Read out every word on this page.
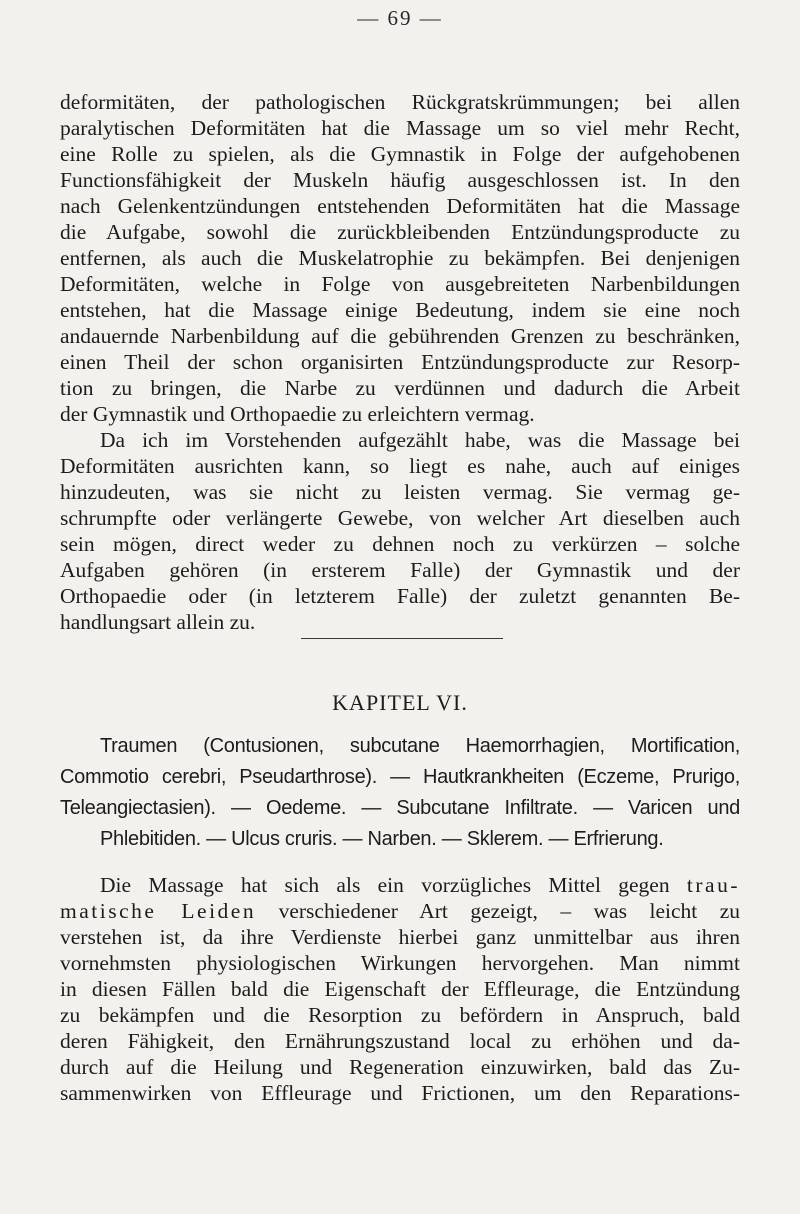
— 69 —

deformitäten, der pathologischen Rückgratskrümmungen; bei allen
paralytischen Deformitäten hat die Massage um so viel mehr Recht,
eine Rolle zu spielen, als die Gymnastik in Folge der aufgehobenen
Functionsfähigkeit der Muskeln häufig ausgeschlossen ist. In den
nach Gelenkentzündungen entstehenden Deformitäten hat die Massage
die Aufgabe, sowohl die zurückbleibenden Entzündungsproducte zu
entfernen, als auch die Muskelatrophie zu bekämpfen. Bei denjenigen
Deformitäten, welche in Folge von ausgebreiteten Narbenbildungen
entstehen, hat die Massage einige Bedeutung, indem sie eine noch
andauernde Narbenbildung auf die gebührenden Grenzen zu beschränken,
einen Theil der schon organisirten Entzündungsproducte zur Resorp-
tion zu bringen, die Narbe zu verdünnen und dadurch die Arbeit
der Gymnastik und Orthopaedie zu erleichtern vermag.

Da ich im Vorstehenden aufgezählt habe, was die Massage bei
Deformitäten ausrichten kann, so liegt es nahe, auch auf einiges
hinzudeuten, was sie nicht zu leisten vermag. Sie vermag ge-
schrumpfte oder verlängerte Gewebe, von welcher Art dieselben auch
sein mögen, direct weder zu dehnen noch zu verkürzen – solche
Aufgaben gehören (in ersterem Falle) der Gymnastik und der
Orthopaedie oder (in letzterem Falle) der zuletzt genannten Be-
handlungsart allein zu.

KAPITEL VI.
Traumen (Contusionen, subcutane Haemorrhagien, Mortification,
Commotio cerebri, Pseudarthrose). — Hautkrankheiten (Eczeme, Prurigo,
Teleangiectasien). — Oedeme. — Subcutane Infiltrate. — Varicen und
Phlebitiden. — Ulcus cruris. — Narben. — Sklerem. — Erfrierung.
Die Massage hat sich als ein vorzügliches Mittel gegen trau-
matische Leiden verschiedener Art gezeigt, – was leicht zu
verstehen ist, da ihre Verdienste hierbei ganz unmittelbar aus ihren
vornehmsten physiologischen Wirkungen hervorgehen. Man nimmt
in diesen Fällen bald die Eigenschaft der Effleurage, die Entzündung
zu bekämpfen und die Resorption zu befördern in Anspruch, bald
deren Fähigkeit, den Ernährungszustand local zu erhöhen und da-
durch auf die Heilung und Regeneration einzuwirken, bald das Zu-
sammenwirken von Effleurage und Frictionen, um den Reparations-
